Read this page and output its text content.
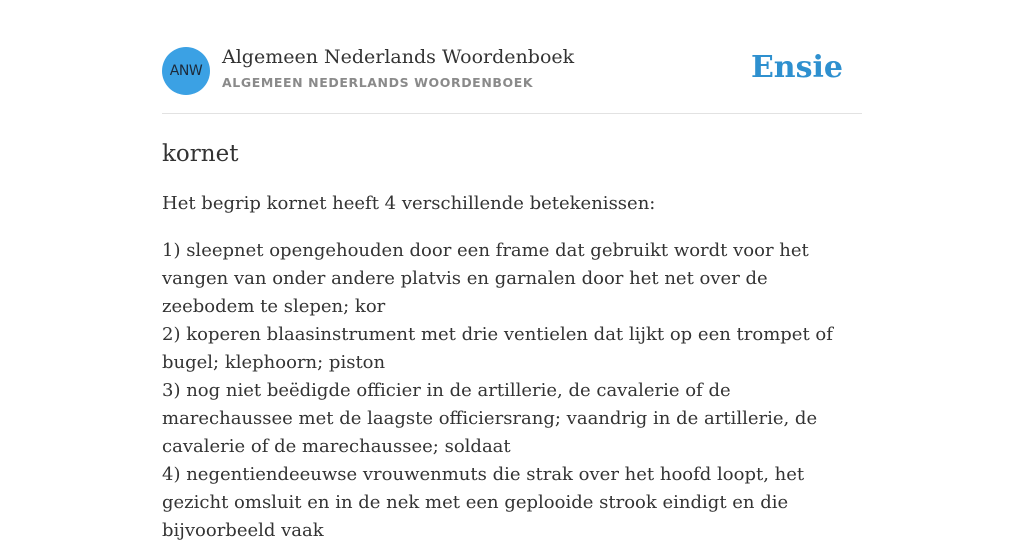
ANW
Algemeen Nederlands Woordenboek
ALGEMEEN NEDERLANDS WOORDENBOEK	Ensie
kornet

Het begrip kornet heeft 4 verschillende betekenissen:

1) sleepnet opengehouden door een frame dat gebruikt wordt voor het vangen van onder andere platvis en garnalen door het net over de zeebodem te slepen; kor
2) koperen blaasinstrument met drie ventielen dat lijkt op een trompet of bugel; klephoorn; piston
3) nog niet beëdigde officier in de artillerie, de cavalerie of de marechaussee met de laagste officiersrang; vaandrig in de artillerie, de cavalerie of de marechaussee; soldaat
4) negentiendeeuwse vrouwenmuts die strak over het hoofd loopt, het gezicht omsluit en in de nek met een geplooide strook eindigt en die bijvoorbeeld vaak
